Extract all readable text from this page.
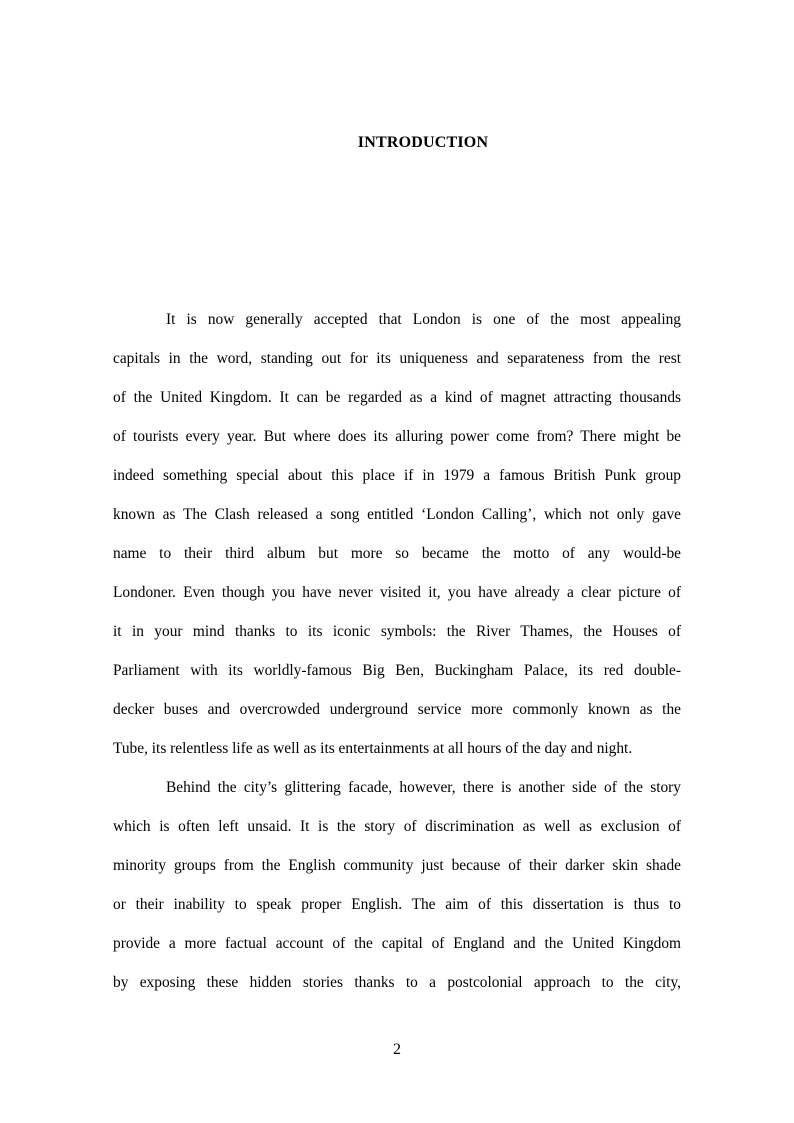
INTRODUCTION
It is now generally accepted that London is one of the most appealing
capitals in the word, standing out for its uniqueness and separateness from the rest
of the United Kingdom. It can be regarded as a kind of magnet attracting thousands
of tourists every year. But where does its alluring power come from? There might be
indeed something special about this place if in 1979 a famous British Punk group
known as The Clash released a song entitled ‘London Calling’, which not only gave
name to their third album but more so became the motto of any would-be
Londoner. Even though you have never visited it, you have already a clear picture of
it in your mind thanks to its iconic symbols: the River Thames, the Houses of
Parliament with its worldly-famous Big Ben, Buckingham Palace, its red double-
decker buses and overcrowded underground service more commonly known as the
Tube, its relentless life as well as its entertainments at all hours of the day and night.
Behind the city’s glittering facade, however, there is another side of the story
which is often left unsaid. It is the story of discrimination as well as exclusion of
minority groups from the English community just because of their darker skin shade
or their inability to speak proper English. The aim of this dissertation is thus to
provide a more factual account of the capital of England and the United Kingdom
by exposing these hidden stories thanks to a postcolonial approach to the city,
2
